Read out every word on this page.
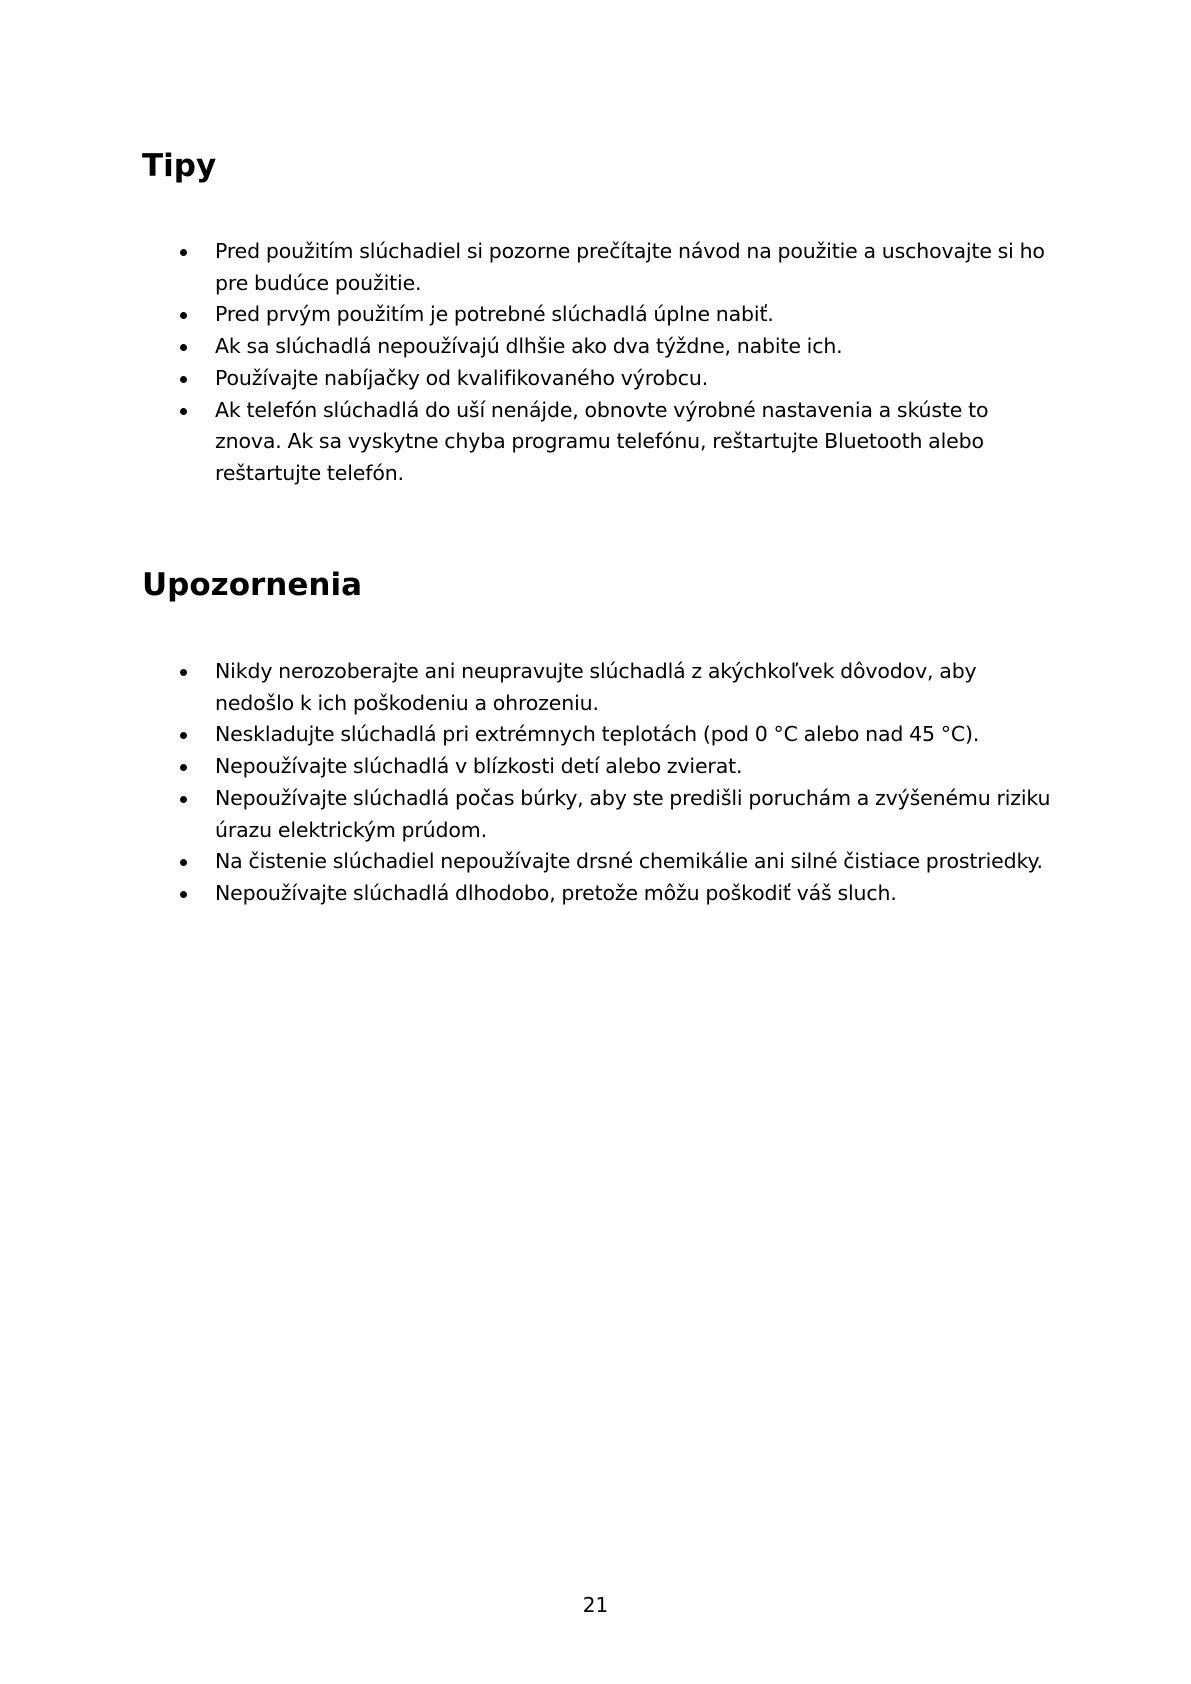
Tipy
Pred použitím slúchadiel si pozorne prečítajte návod na použitie a uschovajte si ho pre budúce použitie.
Pred prvým použitím je potrebné slúchadlá úplne nabiť.
Ak sa slúchadlá nepoužívajú dlhšie ako dva týždne, nabite ich.
Používajte nabíjačky od kvalifikovaného výrobcu.
Ak telefón slúchadlá do uší nenájde, obnovte výrobné nastavenia a skúste to znova. Ak sa vyskytne chyba programu telefónu, reštartujte Bluetooth alebo reštartujte telefón.
Upozornenia
Nikdy nerozoberajte ani neupravujte slúchadlá z akýchkoľvek dôvodov, aby nedošlo k ich poškodeniu a ohrozeniu.
Neskladujte slúchadlá pri extrémnych teplotách (pod 0 °C alebo nad 45 °C).
Nepoužívajte slúchadlá v blízkosti detí alebo zvierat.
Nepoužívajte slúchadlá počas búrky, aby ste predišli poruchám a zvýšenému riziku úrazu elektrickým prúdom.
Na čistenie slúchadiel nepoužívajte drsné chemikálie ani silné čistiace prostriedky.
Nepoužívajte slúchadlá dlhodobo, pretože môžu poškodiť váš sluch.
21
